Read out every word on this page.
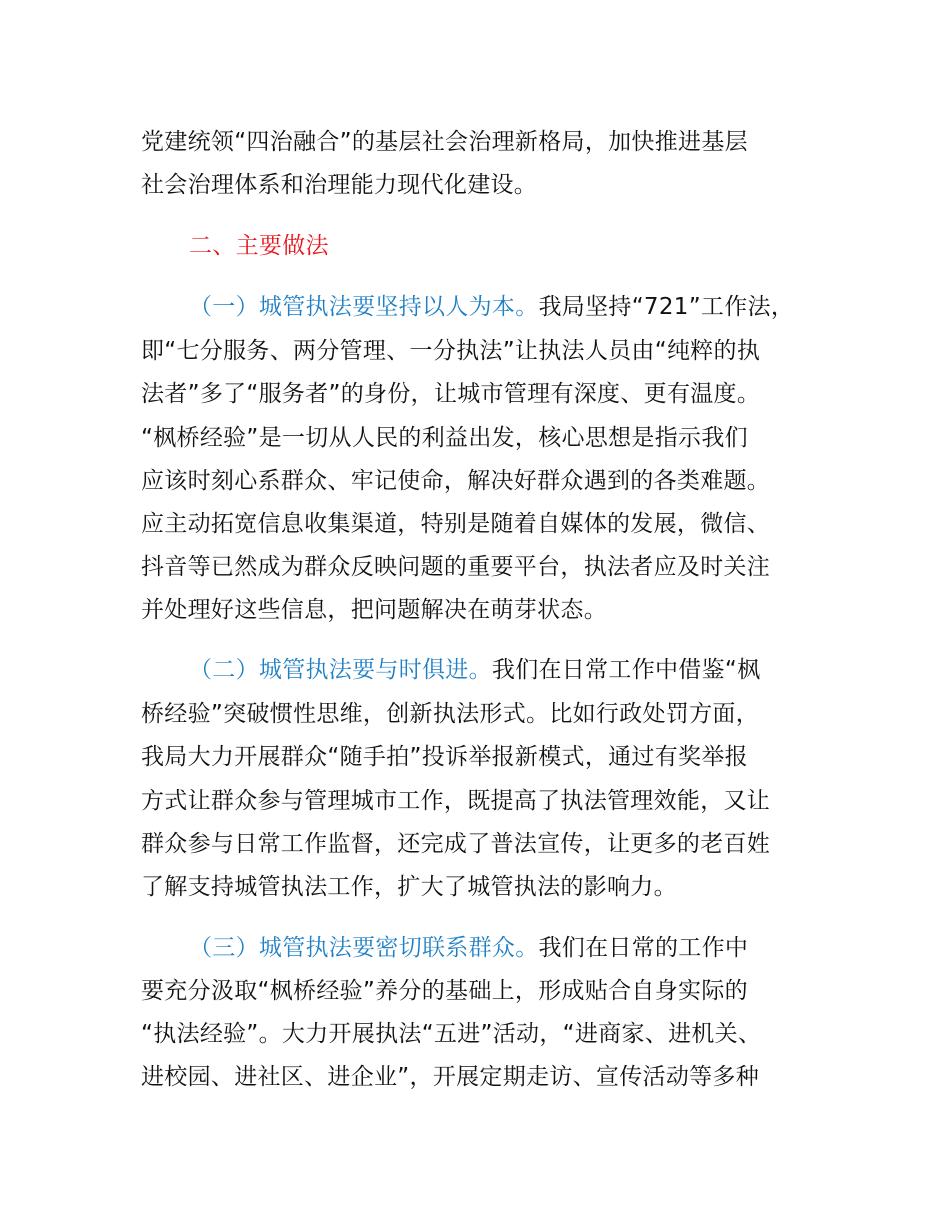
党建统领“四治融合”的基层社会治理新格局，加快推进基层
社会治理体系和治理能力现代化建设。
二、主要做法
（一）城管执法要坚持以人为本。我局坚持“721”工作法，
即“七分服务、两分管理、一分执法”让执法人员由“纯粹的执
法者”多了“服务者”的身份，让城市管理有深度、更有温度。
“枫桥经验”是一切从人民的利益出发，核心思想是指示我们
应该时刻心系群众、牢记使命，解决好群众遇到的各类难题。
应主动拓宽信息收集渠道，特别是随着自媒体的发展，微信、
抖音等已然成为群众反映问题的重要平台，执法者应及时关注
并处理好这些信息，把问题解决在萌芽状态。
（二）城管执法要与时俱进。我们在日常工作中借鉴“枫
桥经验”突破惯性思维，创新执法形式。比如行政处罚方面，
我局大力开展群众“随手拍”投诉举报新模式，通过有奖举报
方式让群众参与管理城市工作，既提高了执法管理效能，又让
群众参与日常工作监督，还完成了普法宣传，让更多的老百姓
了解支持城管执法工作，扩大了城管执法的影响力。
（三）城管执法要密切联系群众。我们在日常的工作中
要充分汲取“枫桥经验”养分的基础上，形成贴合自身实际的
“执法经验”。大力开展执法“五进”活动，“进商家、进机关、
进校园、进社区、进企业”，开展定期走访、宣传活动等多种
